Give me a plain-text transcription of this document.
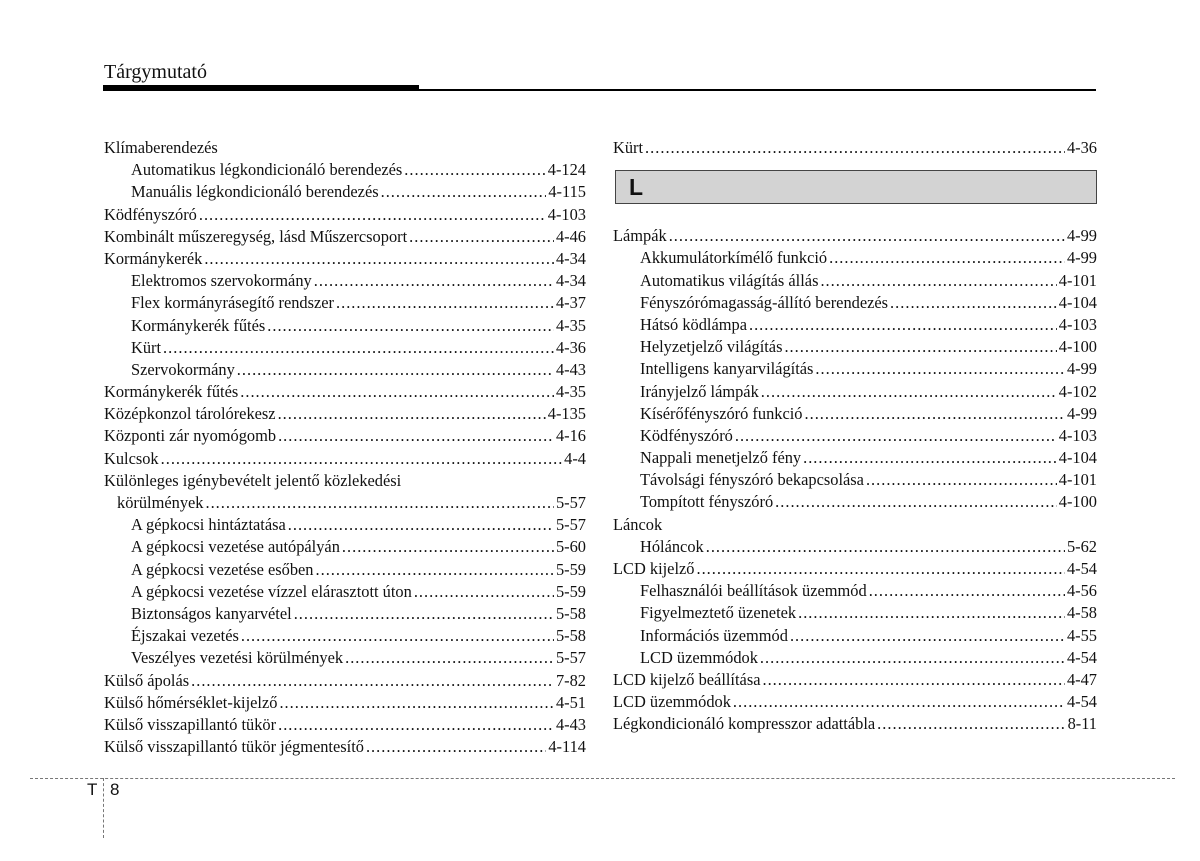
Tárgymutató
Klímaberendezés
Automatikus légkondicionáló berendezés .....	4-124
Manuális légkondicionáló berendezés .....	4-115
Ködfényszóró .....	4-103
Kombinált műszeregység, lásd Műszercsoport .....	4-46
Kormánykerék .....	4-34
Elektromos szervokormány .....	4-34
Flex kormányrásegítő rendszer .....	4-37
Kormánykerék fűtés .....	4-35
Kürt .....	4-36
Szervokormány .....	4-43
Kormánykerék fűtés .....	4-35
Középkonzol tárolórekesz .....	4-135
Központi zár nyomógomb .....	4-16
Kulcsok .....	4-4
Különleges igénybevételt jelentő közlekedési
körülmények .....	5-57
A gépkocsi hintáztatása .....	5-57
A gépkocsi vezetése autópályán .....	5-60
A gépkocsi vezetése esőben .....	5-59
A gépkocsi vezetése vízzel elárasztott úton .....	5-59
Biztonságos kanyarvétel .....	5-58
Éjszakai vezetés .....	5-58
Veszélyes vezetési körülmények .....	5-57
Külső ápolás .....	7-82
Külső hőmérséklet-kijelző .....	4-51
Külső visszapillantó tükör .....	4-43
Külső visszapillantó tükör jégmentesítő .....	4-114
Kürt .....	4-36
L
Lámpák .....	4-99
Akkumulátorkímélő funkció .....	4-99
Automatikus világítás állás .....	4-101
Fényszórómagasság-állító berendezés .....	4-104
Hátsó ködlámpa .....	4-103
Helyzetjelző világítás .....	4-100
Intelligens kanyarvilágítás .....	4-99
Irányjelző lámpák .....	4-102
Kísérőfényszóró funkció .....	4-99
Ködfényszóró .....	4-103
Nappali menetjelző fény .....	4-104
Távolsági fényszóró bekapcsolása .....	4-101
Tompított fényszóró .....	4-100
Láncok
Hóláncok .....	5-62
LCD kijelző .....	4-54
Felhasználói beállítások üzemmód .....	4-56
Figyelmeztető üzenetek .....	4-58
Információs üzemmód .....	4-55
LCD üzemmódok .....	4-54
LCD kijelző beállítása .....	4-47
LCD üzemmódok .....	4-54
Légkondicionáló kompresszor adattábla .....	8-11
T 8
